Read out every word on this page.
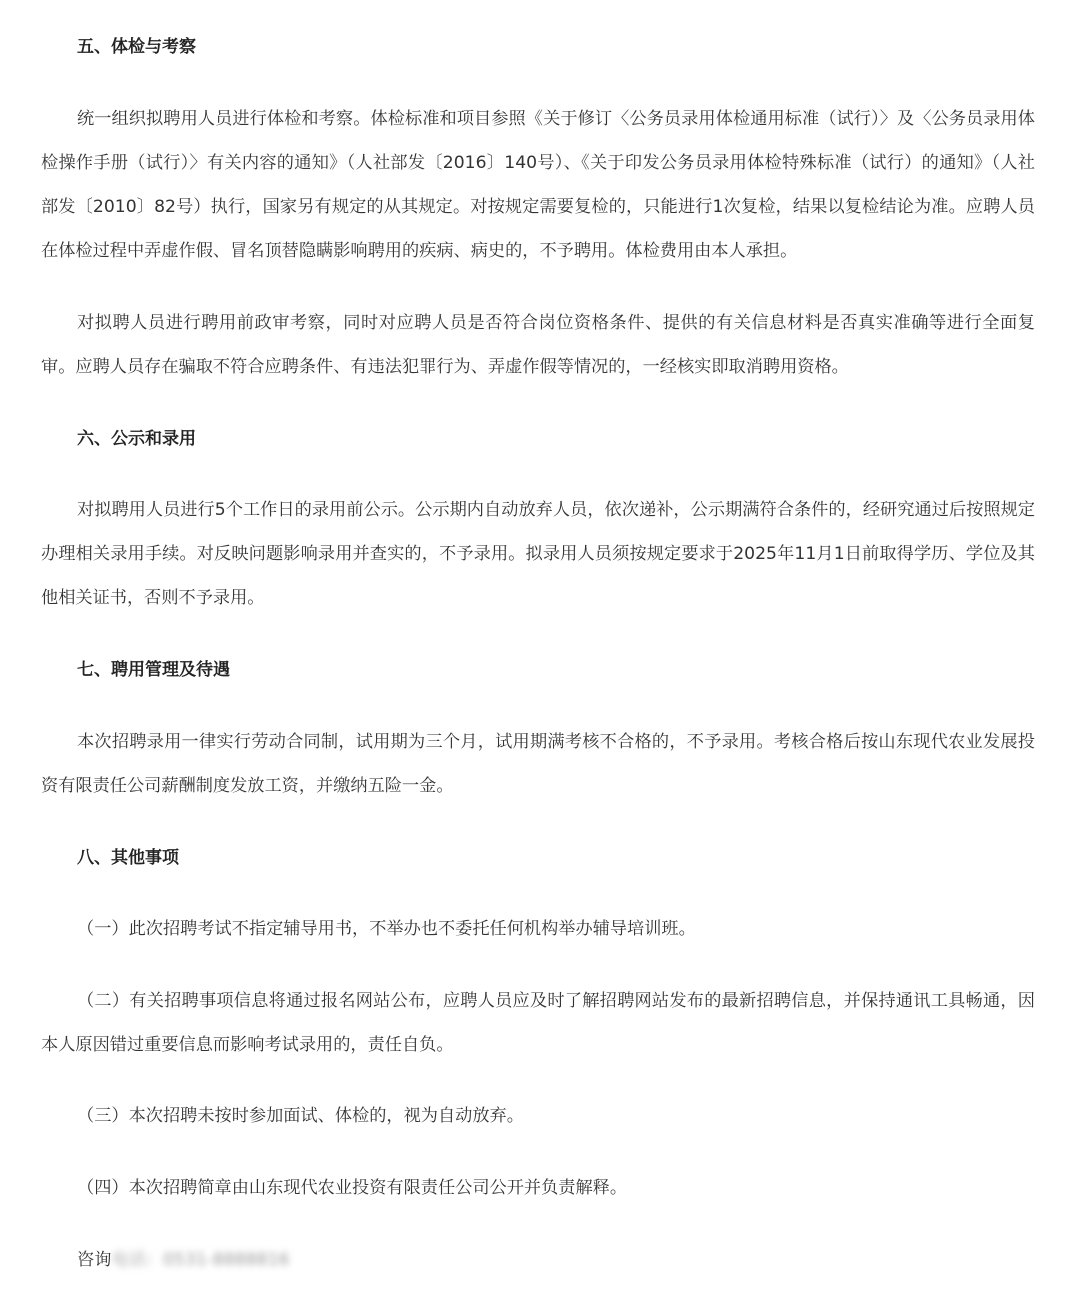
五、体检与考察
统一组织拟聘用人员进行体检和考察。体检标准和项目参照《关于修订〈公务员录用体检通用标准（试行）〉及〈公务员录用体检操作手册（试行）〉有关内容的通知》（人社部发〔2016〕140号）、《关于印发公务员录用体检特殊标准（试行）的通知》（人社部发〔2010〕82号）执行，国家另有规定的从其规定。对按规定需要复检的，只能进行1次复检，结果以复检结论为准。应聘人员在体检过程中弄虚作假、冒名顶替隐瞒影响聘用的疾病、病史的，不予聘用。体检费用由本人承担。
对拟聘人员进行聘用前政审考察，同时对应聘人员是否符合岗位资格条件、提供的有关信息材料是否真实准确等进行全面复审。应聘人员存在骗取不符合应聘条件、有违法犯罪行为、弄虚作假等情况的，一经核实即取消聘用资格。
六、公示和录用
对拟聘用人员进行5个工作日的录用前公示。公示期内自动放弃人员，依次递补，公示期满符合条件的，经研究通过后按照规定办理相关录用手续。对反映问题影响录用并查实的，不予录用。拟录用人员须按规定要求于2025年11月1日前取得学历、学位及其他相关证书，否则不予录用。
七、聘用管理及待遇
本次招聘录用一律实行劳动合同制，试用期为三个月，试用期满考核不合格的，不予录用。考核合格后按山东现代农业发展投资有限责任公司薪酬制度发放工资，并缴纳五险一金。
八、其他事项
（一）此次招聘考试不指定辅导用书，不举办也不委托任何机构举办辅导培训班。
（二）有关招聘事项信息将通过报名网站公布，应聘人员应及时了解招聘网站发布的最新招聘信息，并保持通讯工具畅通，因本人原因错过重要信息而影响考试录用的，责任自负。
（三）本次招聘未按时参加面试、体检的，视为自动放弃。
（四）本次招聘简章由山东现代农业投资有限责任公司公开并负责解释。
咨询电话：0531-8888816
